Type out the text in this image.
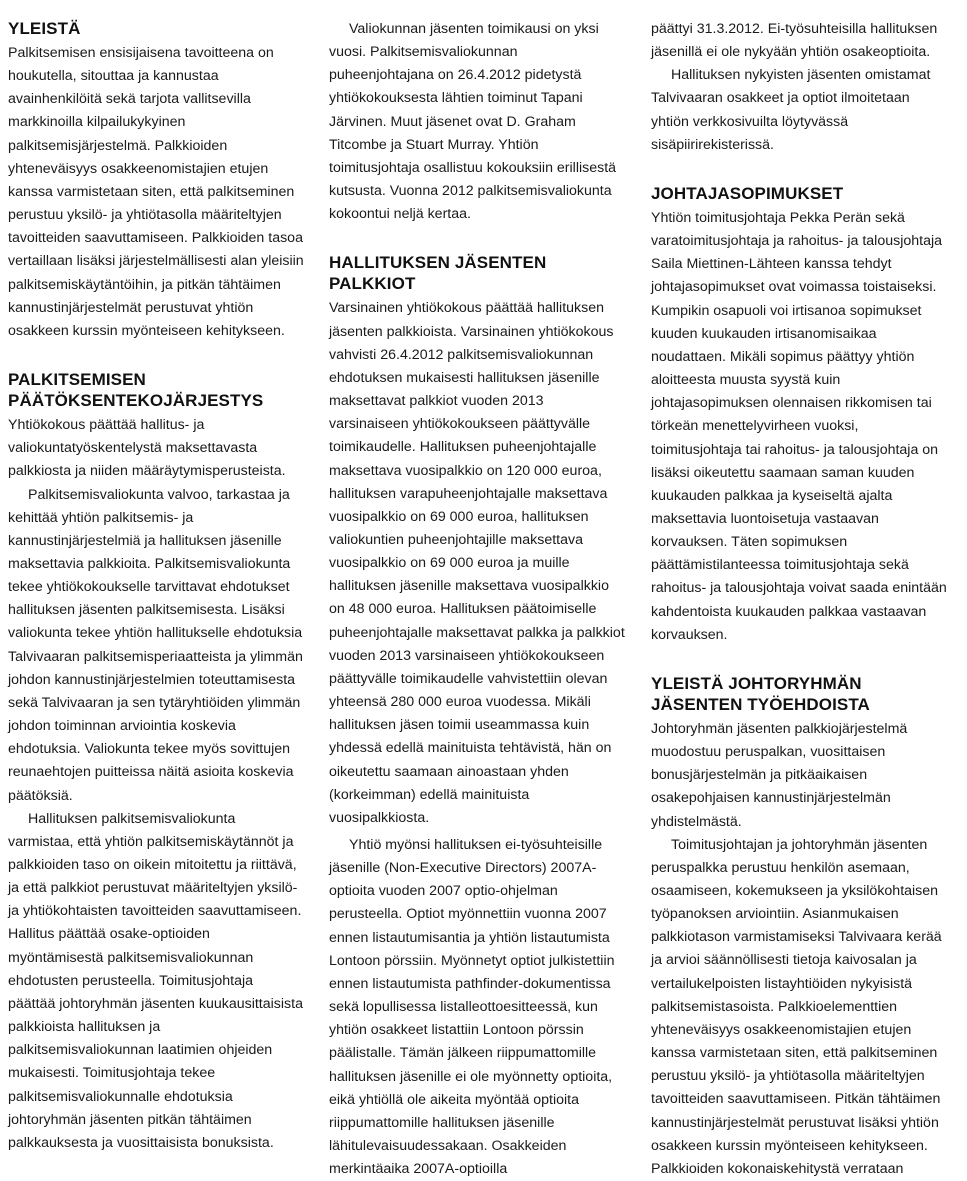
YLEISTÄ

Palkitsemisen ensisijaisena tavoitteena on houkutella, sitouttaa ja kannustaa avainhenkilöitä sekä tarjota vallitsevilla markkinoilla kilpailukykyinen palkitsemisjärjestelmä. Palkkioiden yhteneväisyys osakkeenomistajien etujen kanssa varmistetaan siten, että palkitseminen perustuu yksilö- ja yhtiötasolla määriteltyjen tavoitteiden saavuttamiseen. Palkkioiden tasoa vertaillaan lisäksi järjestelmällisesti alan yleisiin palkitsemiskäytäntöihin, ja pitkän tähtäimen kannustinjärjestelmät perustuvat yhtiön osakkeen kurssin myönteiseen kehitykseen.

PALKITSEMISEN
PÄÄTÖKSENTEKOJÄRJESTYS

Yhtiökokous päättää hallitus- ja valiokuntatyöskentelystä maksettavasta palkkiosta ja niiden määräytymisperusteista.

Palkitsemisvaliokunta valvoo, tarkastaa ja kehittää yhtiön palkitsemis- ja kannustinjärjestelmiä ja hallituksen jäsenille maksettavia palkkioita. Palkitsemisvaliokunta tekee yhtiökokoukselle tarvittavat ehdotukset hallituksen jäsenten palkitsemisesta. Lisäksi valiokunta tekee yhtiön hallitukselle ehdotuksia Talvivaaran palkitsemisperiaatteista ja ylimmän johdon kannustinjärjestelmien toteuttamisesta sekä Talvivaaran ja sen tytäryhtiöiden ylimmän johdon toiminnan arviointia koskevia ehdotuksia. Valiokunta tekee myös sovittujen reunaehtojen puitteissa näitä asioita koskevia päätöksiä.

Hallituksen palkitsemisvaliokunta varmistaa, että yhtiön palkitsemiskäytännöt ja palkkioiden taso on oikein mitoitettu ja riittävä, ja että palkkiot perustuvat määriteltyjen yksilö- ja yhtiökohtaisten tavoitteiden saavuttamiseen. Hallitus päättää osake-optioiden myöntämisestä palkitsemisvaliokunnan ehdotusten perusteella. Toimitusjohtaja päättää johtoryhmän jäsenten kuukausittaisista palkkioista hallituksen ja palkitsemisvaliokunnan laatimien ohjeiden mukaisesti. Toimitusjohtaja tekee palkitsemisvaliokunnalle ehdotuksia johtoryhmän jäsenten pitkän tähtäimen palkkauksesta ja vuosittaisista bonuksista.

Valiokunnan jäsenten toimikausi on yksi vuosi. Palkitsemisvaliokunnan puheenjohtajana on 26.4.2012 pidetystä yhtiökokouksesta lähtien toiminut Tapani Järvinen. Muut jäsenet ovat D. Graham Titcombe ja Stuart Murray. Yhtiön toimitusjohtaja osallistuu kokouksiin erillisestä kutsusta. Vuonna 2012 palkitsemisvaliokunta kokoontui neljä kertaa.

HALLITUKSEN JÄSENTEN PALKKIOT

Varsinainen yhtiökokous päättää hallituksen jäsenten palkkioista. Varsinainen yhtiökokous vahvisti 26.4.2012 palkitsemisvaliokunnan ehdotuksen mukaisesti hallituksen jäsenille maksettavat palkkiot vuoden 2013 varsinaiseen yhtiökokoukseen päättyvälle toimikaudelle. Hallituksen puheenjohtajalle maksettava vuosipalkkio on 120 000 euroa, hallituksen varapuheenjohtajalle maksettava vuosipalkkio on 69 000 euroa, hallituksen valiokuntien puheenjohtajille maksettava vuosipalkkio on 69 000 euroa ja muille hallituksen jäsenille maksettava vuosipalkkio on 48 000 euroa. Hallituksen päätoimiselle puheenjohtajalle maksettavat palkka ja palkkiot vuoden 2013 varsinaiseen yhtiökokoukseen päättyvälle toimikaudelle vahvistettiin olevan yhteensä 280 000 euroa vuodessa. Mikäli hallituksen jäsen toimii useammassa kuin yhdessä edellä mainituista tehtävistä, hän on oikeutettu saamaan ainoastaan yhden (korkeimman) edellä mainituista vuosipalkkiosta.

Yhtiö myönsi hallituksen ei-työsuhteisille jäsenille (Non-Executive Directors) 2007A-optioita vuoden 2007 optio-ohjelman perusteella. Optiot myönnettiin vuonna 2007 ennen listautumisantia ja yhtiön listautumista Lontoon pörssiin. Myönnetyt optiot julkistettiin ennen listautumista pathfinder-dokumentissa sekä lopullisessa listalleottoesitteessä, kun yhtiön osakkeet listattiin Lontoon pörssin päälistalle. Tämän jälkeen riippumattomille hallituksen jäsenille ei ole myönnetty optioita, eikä yhtiöllä ole aikeita myöntää optioita riippumattomille hallituksen jäsenille lähitulevaisuudessakaan. Osakkeiden merkintäaika 2007A-optioilla

päättyi 31.3.2012. Ei-työsuhteisilla hallituksen jäsenillä ei ole nykyään yhtiön osakeoptioita.

Hallituksen nykyisten jäsenten omistamat Talvivaaran osakkeet ja optiot ilmoitetaan yhtiön verkkosivuilta löytyvässä sisäpiirirekisterissä.

JOHTAJASOPIMUKSET

Yhtiön toimitusjohtaja Pekka Perän sekä varatoimitusjohtaja ja rahoitus- ja talousjohtaja Saila Miettinen-Lähteen kanssa tehdyt johtajasopimukset ovat voimassa toistaiseksi. Kumpikin osapuoli voi irtisanoa sopimukset kuuden kuukauden irtisanomisaikaa noudattaen. Mikäli sopimus päättyy yhtiön aloitteesta muusta syystä kuin johtajasopimuksen olennaisen rikkomisen tai törkeän menettelyvirheen vuoksi, toimitusjohtaja tai rahoitus- ja talousjohtaja on lisäksi oikeutettu saamaan saman kuuden kuukauden palkkaa ja kyseiseltä ajalta maksettavia luontoisetuja vastaavan korvauksen. Täten sopimuksen päättämistilanteessa toimitusjohtaja sekä rahoitus- ja talousjohtaja voivat saada enintään kahdentoista kuukauden palkkaa vastaavan korvauksen.

YLEISTÄ JOHTORYHMÄN
JÄSENTEN TYÖEHDOISTA

Johtoryhmän jäsenten palkkiojärjestelmä muodostuu peruspalkan, vuosittaisen bonusjärjestelmän ja pitkäaikaisen osakepohjaisen kannustinjärjestelmän yhdistelmästä.

Toimitusjohtajan ja johtoryhmän jäsenten peruspalkka perustuu henkilön asemaan, osaamiseen, kokemukseen ja yksilökohtaisen työpanoksen arviointiin. Asianmukaisen palkkiotason varmistamiseksi Talvivaara kerää ja arvioi säännöllisesti tietoja kaivosalan ja vertailukelpoisten listayhtiöiden nykyisistä palkitsemistasoista. Palkkioelementtien yhteneväisyys osakkeenomistajien etujen kanssa varmistetaan siten, että palkitseminen perustuu yksilö- ja yhtiötasolla määriteltyjen tavoitteiden saavuttamiseen. Pitkän tähtäimen kannustinjärjestelmät perustuvat lisäksi yhtiön osakkeen kurssin myönteiseen kehitykseen. Palkkioiden kokonaiskehitystä verrataan
